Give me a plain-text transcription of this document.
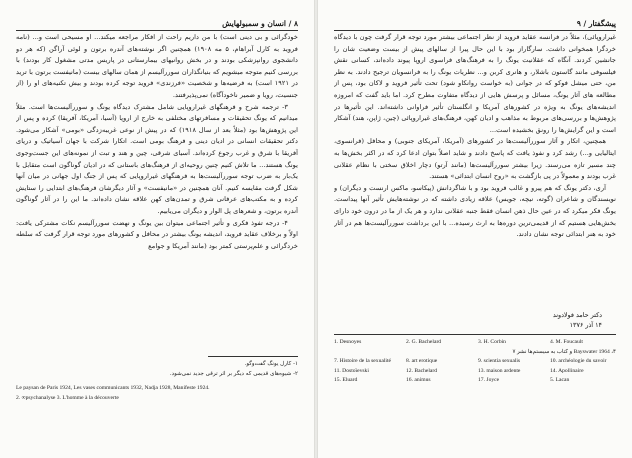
۸ / انسان و سمبولهایش

خودگرائی و بی دینی است) با من داریم راحت از افکار مراجعه میکند... او مسیحی است و... (نامه فروید به کارل آبراهام، ۵ مه ۱۹۰۸) همچنین اگر نوشته‌های آندره برتون و لوئی آراگن (که هر دو دانشجوی روانپزشکی بودند و در بخش روانیهای بیمارستانی در پاریس مدتی مشغول کار بودند) با بررسی کنیم متوجه میشویم که بنیانگذاران سوررآلیسم از همان سالهای بیست (مانیفست برتون با ترید در ۱۹۲۱ است) به فرضیه‌ها و شخصیت «فرزندی» فروید توجه کرده بودند و بیش تکنیه‌های او را (از جنسیت، رویا و ضمیر ناخودآگاه) نمی‌پذیرفتند.

۳- ترجمه شرح و فرهنگهای غیراروپایی شامل مشترک دیدگاه یونگ و سوررآلیست‌ها است. مثلاً میدانیم که یونگ تحقیقات و مسافرتهای مختلفی به خارج از اروپا (آسیا، آمریکا، آفریقا) کرده و پس از این پژوهش‌ها بود (مثلاً بعد از سال ۱۹۱۸) که در پیش از نوعی غریبه‌زدگی «بومی» آشکار می‌شود. دکتر تحقیقات انسانی در ادیان دینی و فرهنگ بومی است. اتکارا شرکت با جهان آسیاتیک و دریای آفریقا با شرق و غرب رجوع کرده‌اند. آسیای شرقی، چین و هند و تبت از نمونه‌های این جست‌وجوی یونگ هستند... ما تلاش کنیم چنین روحیه‌ای از فرهنگ‌های باستانی که در ادیان گوناگون است متقابل با یک‌بار به ضرب توجه سوررآلیست‌ها به فرهنگهای غیراروپایی که پس از جنگ اول جهانی در میان آنها شکل گرفت مقایسه کنیم. آنان همچنین در «مانیفست» و آثار دیگرشان فرهنگ‌های ابتدایی را ستایش کرده و به مکتب‌های عرفانی شرق و تمدن‌های کهن علاقه نشان داده‌اند. ما این را در آثار گوناگون آندره برتون، و شعرهای پل الوار و دیگران می‌یابیم.

۴- درجه تفوذ فکری و تأثیر اجتماعی میتوان بین یونگ و نهضت سوررآلیسم نکات مشترکی یافت: اولاً و برخلاف عقاید فروید، اندیشه یونگ بیشتر در محافل و کشورهای مورد توجه قرار گرفت که سلطه خردگرائی و علم‌پرستی کمتر بود (مانند آمریکا و جوامع

۱- کارل یونگ گفت‌وگو.
۲- شیوه‌های قدیمی که دیگر بر اثر ترقی جدید نمی‌شود.
Le paysan de Paris 1924, Les vases communicants 1932, Nadja 1928, Manifeste 1924.
2. ∞psychanalyse 3. L'homme à la découverte
پیشگفتار / ۹

غیراروپائی)، مثلاً در فرانسه عقاید فروید از نظر اجتماعی بیشتر مورد توجه قرار گرفت چون با دیدگاه خردگرا همخوانی داشت. سارگاراز بود با این حال پیرا از سالهای پیش از بیست وضعیت شان را جانشین کردند. آنگاه که عقلانیت یونگ را به فرهنگ‌های فراسوی اروپا پیوند داده‌اند، کسانی نقش فیلسوفی مانند گاستون باشلار، و هانری کربن و... نظریات یونگ را به فرانسویان ترجیح دادند. به نظر من، حتی میشل فوکو که در جوانی (به خواست روانکاو شود) تحت تأثیر فروید و لاکان بود، پس از مطالعه های آثار یونگ، مسائل و پرسش هایی از دیدگاه متفاوت مطرح کرد. اما باید گفت که امروزه اندیشه‌های یونگ به ویژه در کشورهای آمریکا و انگلستان تأثیر فراوانی داشته‌اند. این تأثیرها در پژوهش‌ها و بررسی‌های مربوط به مذاهب و ادیان کهن، فرهنگ‌های غیراروپائی (چین، ژاپن، هند) آشکار است و این گرایش‌ها را رونق بخشیده است...

همچنین، اتکار و آثار سوررآلیست‌ها در کشورهای (آمریکا، آمریکای جنوبی) و محافل (فرانسوی، ایتالیایی و...) رشد کرد و نفوذ یافت که پاسخ دادند و شاید اصلاً بتوان ادعا کرد که در اکثر بخش‌ها به چند مسیر تازه می‌رسند. زیرا بیشتر سوررآلیست‌ها (مانند آرتو) دچار اخلاق سختی با نظام عقلانی غرب بودند و معمولاً در پی بازگشت به «روح انسان ابتدائی» هستند.

آری، دکتر یونگ که هم پیرو و غالب فروید بود و با شاگردانش (پیکاسو، ماکس ارنست و دیگران) و نویسندگان و شاعران (گوته، نیچه، جویس) علاقه زیادی داشته که در نوشته‌هایش تأثیر آنها پیداست. یونگ فکر میکرد که در عین حال ذهن انسان فقط جنبه عقلانی ندارد و هر یک از ما در درون خود دارای بخش‌هایی هستیم که از قدیمی‌ترین دوره‌ها به ارث رسیده... با این برداشت سوررآلیست‌ها هم در آثار خود به هنر ابتدائی توجه نشان دادند.

دکتر حامد فولادوند
۱۴ آذر ۱۳۷۶
1. Desnoyes	2. G. Bachelard	3. H. Corbin	4. M. Foucault
Bayswater 1964 ،۴ و کتاب به سیستم‌ها نشر ۷
7. Histoire de la sexualité	8. art erotique	9. scientia sexualis	10. archéologie du savoir
11. Dostoïevski	12. Bachelard	13. maison ardente	14. Apollinaire
15. Eluard	16. animus	17. Joyce	5. Lacan
